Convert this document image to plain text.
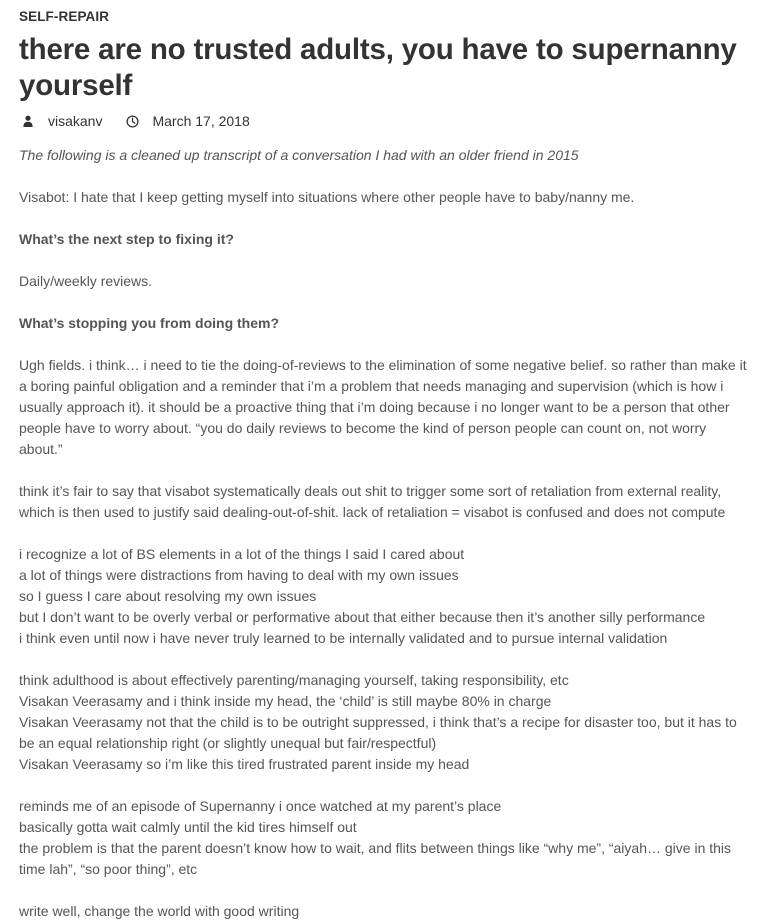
SELF-REPAIR
there are no trusted adults, you have to supernanny yourself
visakanv	March 17, 2018

The following is a cleaned up transcript of a conversation I had with an older friend in 2015

Visabot: I hate that I keep getting myself into situations where other people have to baby/nanny me.

What’s the next step to fixing it?

Daily/weekly reviews.

What’s stopping you from doing them?

Ugh fields. i think… i need to tie the doing-of-reviews to the elimination of some negative belief. so rather than make it a boring painful obligation and a reminder that i’m a problem that needs managing and supervision (which is how i usually approach it). it should be a proactive thing that i’m doing because i no longer want to be a person that other people have to worry about. “you do daily reviews to become the kind of person people can count on, not worry about.”

think it’s fair to say that visabot systematically deals out shit to trigger some sort of retaliation from external reality, which is then used to justify said dealing-out-of-shit. lack of retaliation = visabot is confused and does not compute

i recognize a lot of BS elements in a lot of the things I said I cared about
a lot of things were distractions from having to deal with my own issues
so I guess I care about resolving my own issues
but I don’t want to be overly verbal or performative about that either because then it’s another silly performance
i think even until now i have never truly learned to be internally validated and to pursue internal validation

think adulthood is about effectively parenting/managing yourself, taking responsibility, etc
Visakan Veerasamy and i think inside my head, the ‘child’ is still maybe 80% in charge
Visakan Veerasamy not that the child is to be outright suppressed, i think that’s a recipe for disaster too, but it has to be an equal relationship right (or slightly unequal but fair/respectful)
Visakan Veerasamy so i’m like this tired frustrated parent inside my head

reminds me of an episode of Supernanny i once watched at my parent’s place
basically gotta wait calmly until the kid tires himself out
the problem is that the parent doesn’t know how to wait, and flits between things like “why me”, “aiyah… give in this time lah”, “so poor thing”, etc

write well, change the world with good writing
